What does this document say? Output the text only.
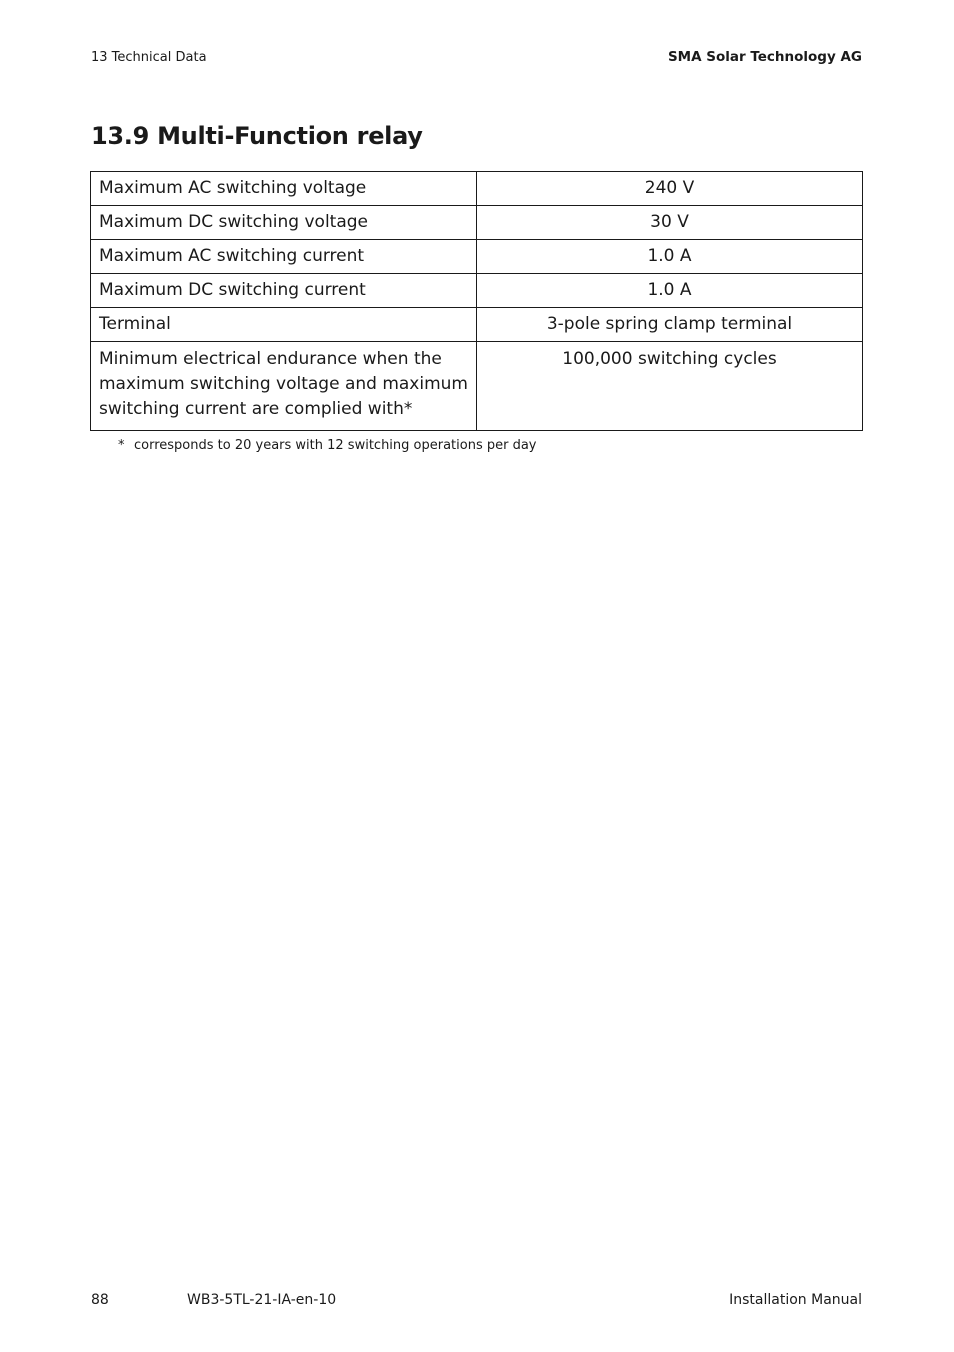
13 Technical Data	SMA Solar Technology AG
13.9 Multi-Function relay
Maximum AC switching voltage	240 V
Maximum DC switching voltage	30 V
Maximum AC switching current	1.0 A
Maximum DC switching current	1.0 A
Terminal	3-pole spring clamp terminal
Minimum electrical endurance when the maximum switching voltage and maximum switching current are complied with*	100,000 switching cycles
* corresponds to 20 years with 12 switching operations per day
88	WB3-5TL-21-IA-en-10	Installation Manual
